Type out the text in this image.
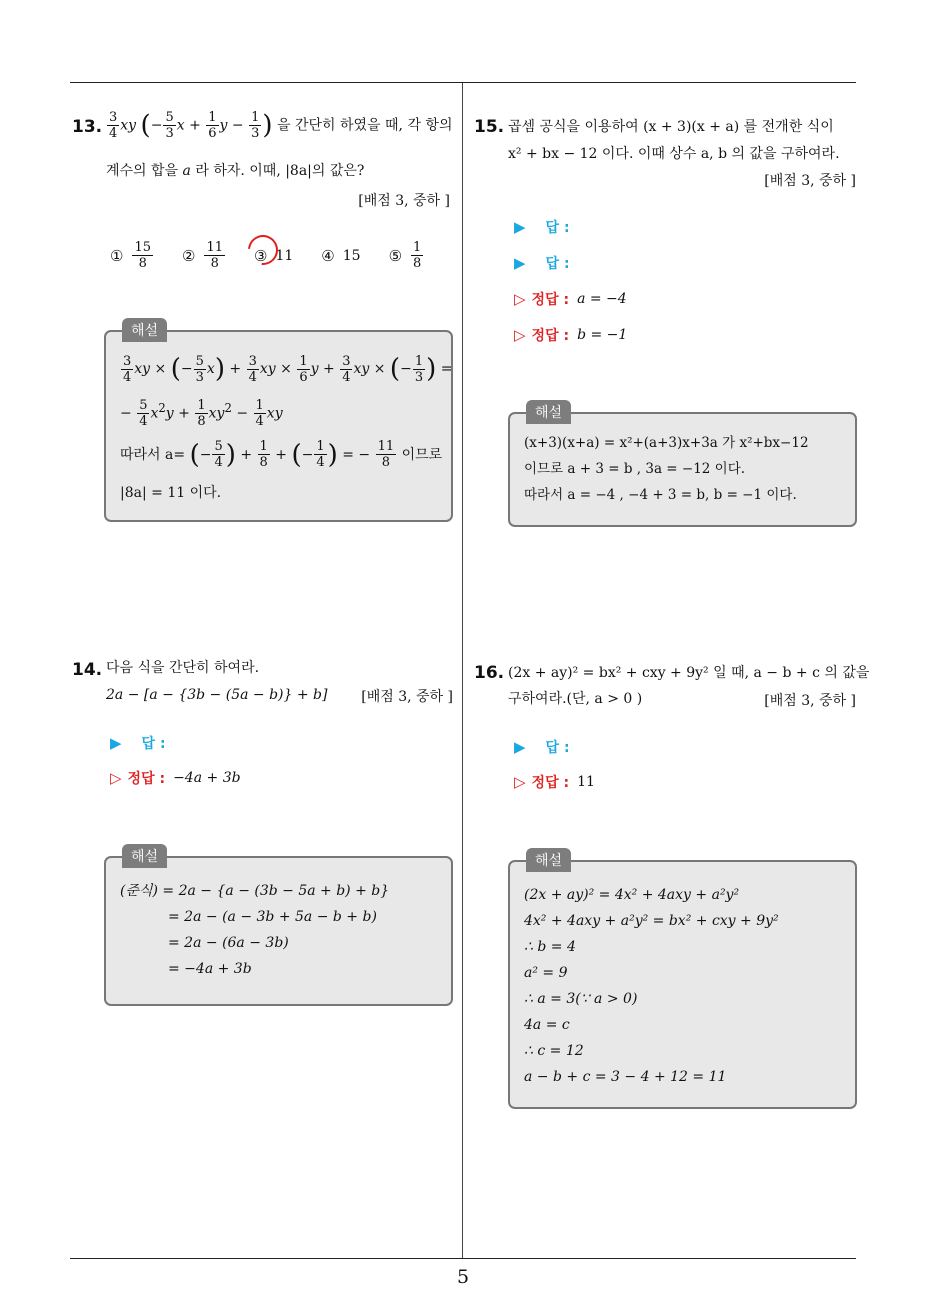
5
13. $\frac{3}{4}$ xy (− $\frac{5}{3}$ $x + \frac{1}{6}$ $y - \frac{1}{3}$ ) 을 간단히 하였을 때, 각 항의
계수의 합을 a 라 하자. 이때, |8a|의 값은?
[배점 3, 중하 ]
① $\frac{15}{8}$ ② $\frac{11}{8}$ ③ 11 ④ 15 ⑤ $\frac{1}{8}$
해설
$\frac{3}{4}$ xy × (− $\frac{5}{3} x) + \frac{3}{4}$ xy × $\frac{1}{6}$ $y + \frac{3}{4}$ xy × (− $\frac{1}{3}$ ) =
− $\frac{5}{4} x^2y + \frac{1}{8} xy^2 - \frac{1}{4}$ xy
따라서 a= (− $\frac{5}{4}$ ) + $\frac{1}{8}$ + (− $\frac{1}{4}$ ) = − $\frac{11}{8}$ 이므로
|8a| = 11 이다.
14. 다음 식을 간단히 하여라.
2a − [a − {3b − (5a − b)} + b]	[배점 3, 중하 ]
▶ 답 :
▷ 정답 : −4a + 3b
해설
(준식) = 2a − {a − (3b − 5a + b) + b}
= 2a − (a − 3b + 5a − b + b)
= 2a − (6a − 3b)
= −4a + 3b
15. 곱셈 공식을 이용하여 (x + 3)(x + a) 를 전개한 식이
x² + bx − 12 이다. 이때 상수 a, b 의 값을 구하여라.
[배점 3, 중하 ]
▶ 답 :
▶ 답 :
▷ 정답 : a = −4
▷ 정답 : b = −1
해설
(x+3)(x+a) = x²+(a+3)x+3a 가 x²+bx−12
이므로 a + 3 = b , 3a = −12 이다.
따라서 a = −4 , −4 + 3 = b, b = −1 이다.
16. (2x + ay)² = bx² + cxy + 9y² 일 때, a − b + c 의 값을
구하여라.(단, a > 0 )	[배점 3, 중하 ]
▶ 답 :
▷ 정답 : 11
해설
(2x + ay)² = 4x² + 4axy + a²y²
4x² + 4axy + a²y² = bx² + cxy + 9y²
∴ b = 4
a² = 9
∴ a = 3(∵ a > 0)
4a = c
∴ c = 12
a − b + c = 3 − 4 + 12 = 11
